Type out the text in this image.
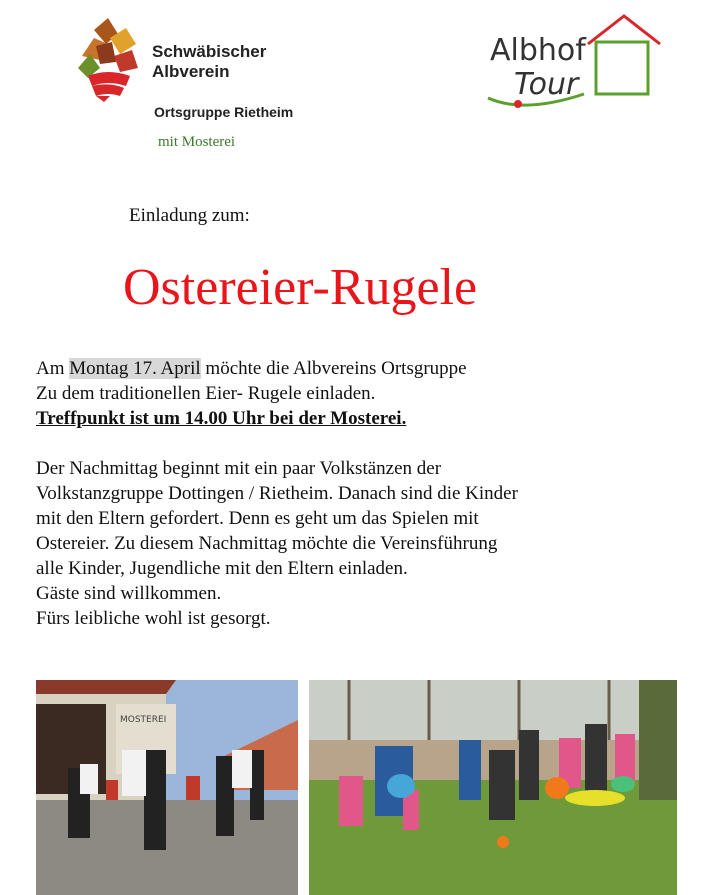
Schwäbischer
Albverein
Ortsgruppe Rietheim
mit Mosterei
Albhof
Tour
Einladung zum:
Ostereier-Rugele
Am Montag 17. April möchte die Albvereins Ortsgruppe
Zu dem traditionellen Eier- Rugele einladen.
Treffpunkt ist um 14.00 Uhr bei der Mosterei.
Der Nachmittag beginnt mit ein paar Volkstänzen der
Volkstanzgruppe Dottingen / Rietheim. Danach sind die Kinder
mit den Eltern gefordert. Denn es geht um das Spielen mit
Ostereier. Zu diesem Nachmittag möchte die Vereinsführung
alle Kinder, Jugendliche mit den Eltern einladen.
Gäste sind willkommen.
Fürs leibliche wohl ist gesorgt.
MOSTEREI
